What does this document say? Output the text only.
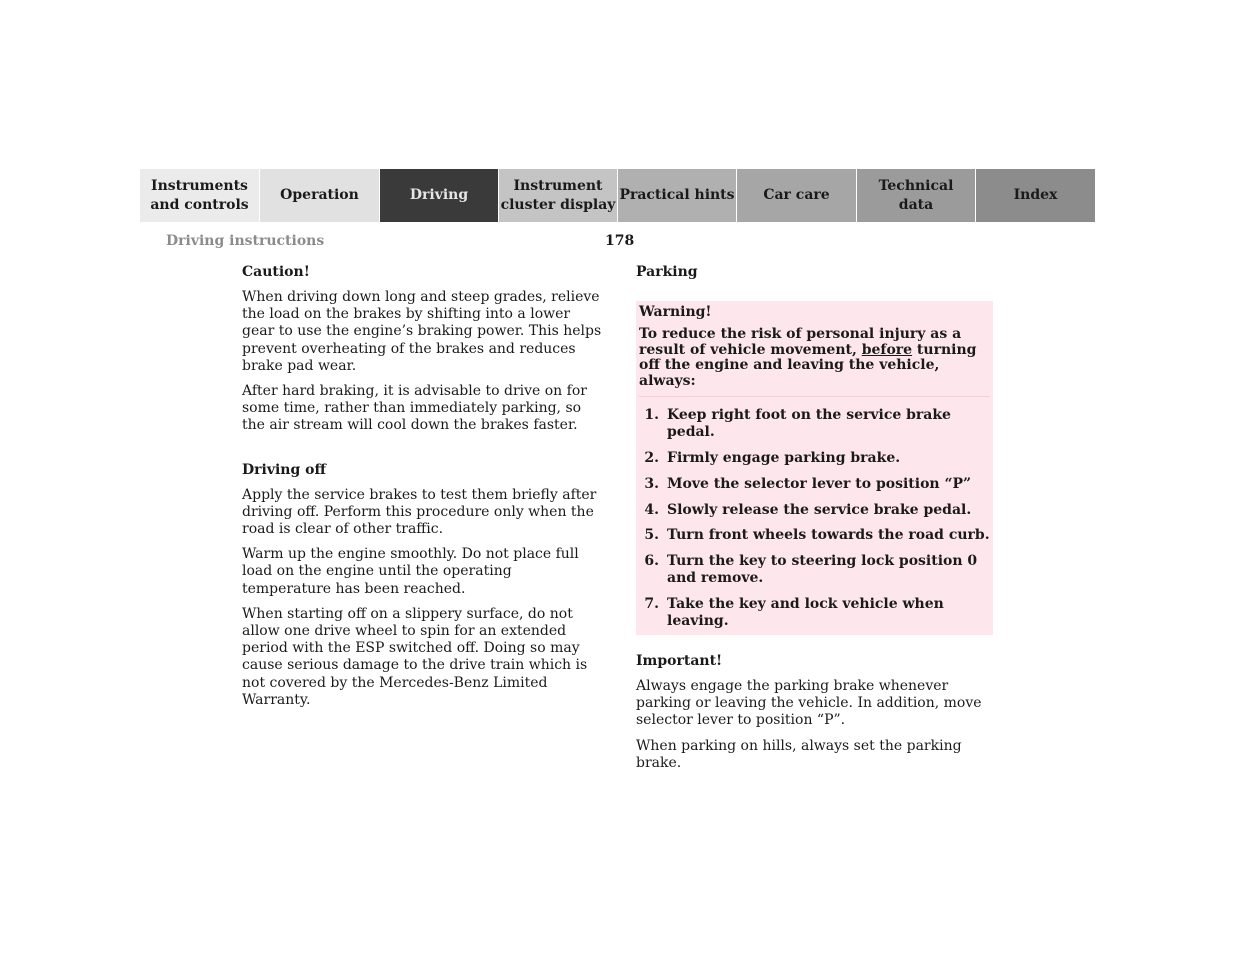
Instruments
and controls
Operation	Driving
Instrument
cluster display
Practical hints	Car care
Technical
data
Index
Driving instructions	178
Caution!

When driving down long and steep grades, relieve the load on the brakes by shifting into a lower gear to use the engine’s braking power. This helps prevent overheating of the brakes and reduces brake pad wear.

After hard braking, it is advisable to drive on for some time, rather than immediately parking, so the air stream will cool down the brakes faster.

Driving off

Apply the service brakes to test them briefly after driving off. Perform this procedure only when the road is clear of other traffic.

Warm up the engine smoothly. Do not place full load on the engine until the operating temperature has been reached.

When starting off on a slippery surface, do not allow one drive wheel to spin for an extended period with the ESP switched off. Doing so may cause serious damage to the drive train which is not covered by the Mercedes-Benz Limited Warranty.

Parking
Warning!

To reduce the risk of personal injury as a result of vehicle movement, before turning off the engine and leaving the vehicle, always:

1. Keep right foot on the service brake pedal.
2. Firmly engage parking brake.
3. Move the selector lever to position “P”
4. Slowly release the service brake pedal.
5. Turn front wheels towards the road curb.
6. Turn the key to steering lock position 0 and remove.
7. Take the key and lock vehicle when leaving.
Important!

Always engage the parking brake whenever parking or leaving the vehicle. In addition, move selector lever to position “P”.

When parking on hills, always set the parking brake.
